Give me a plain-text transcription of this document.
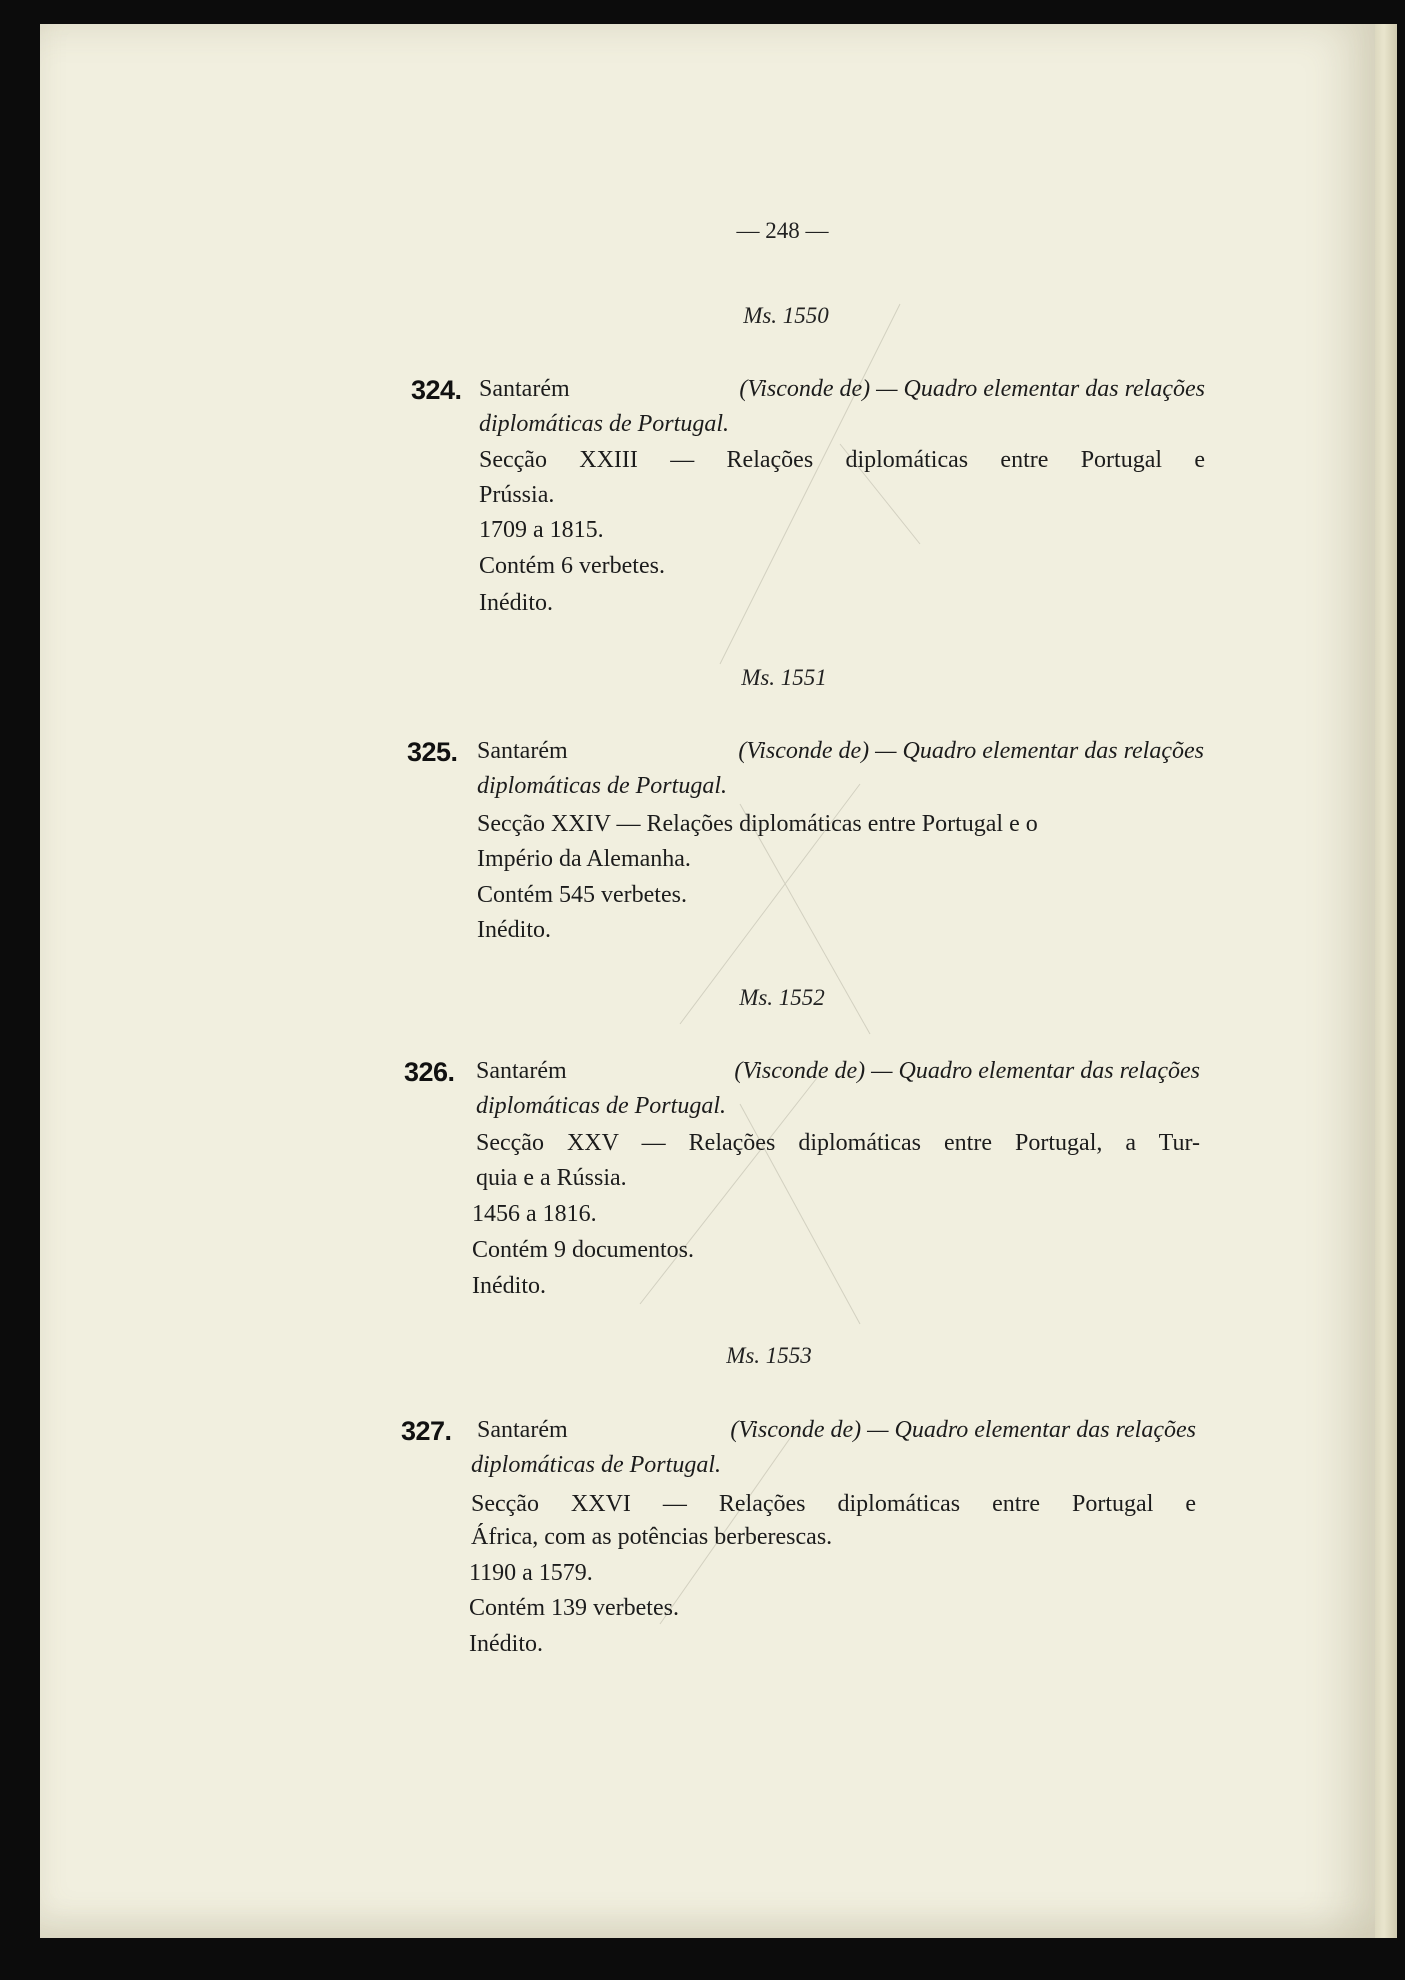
— 248 —
Ms. 1550
324. Santarém	(Visconde de) — Quadro elementar das relações
diplomáticas de Portugal.
Secção XXIII — Relações diplomáticas entre Portugal e
Prússia.
1709 a 1815.
Contém 6 verbetes.
Inédito.
Ms. 1551
325. Santarém	(Visconde de) — Quadro elementar das relações
diplomáticas de Portugal.
Secção XXIV — Relações diplomáticas entre Portugal e o
Império da Alemanha.
Contém 545 verbetes.
Inédito.
Ms. 1552
326. Santarém	(Visconde de) — Quadro elementar das relações
diplomáticas de Portugal.
Secção XXV — Relações diplomáticas entre Portugal, a Tur-
quia e a Rússia.
1456 a 1816.
Contém 9 documentos.
Inédito.
Ms. 1553
327. Santarém	(Visconde de) — Quadro elementar das relações
diplomáticas de Portugal.
Secção XXVI — Relações diplomáticas entre Portugal e
África, com as potências berberescas.
1190 a 1579.
Contém 139 verbetes.
Inédito.
